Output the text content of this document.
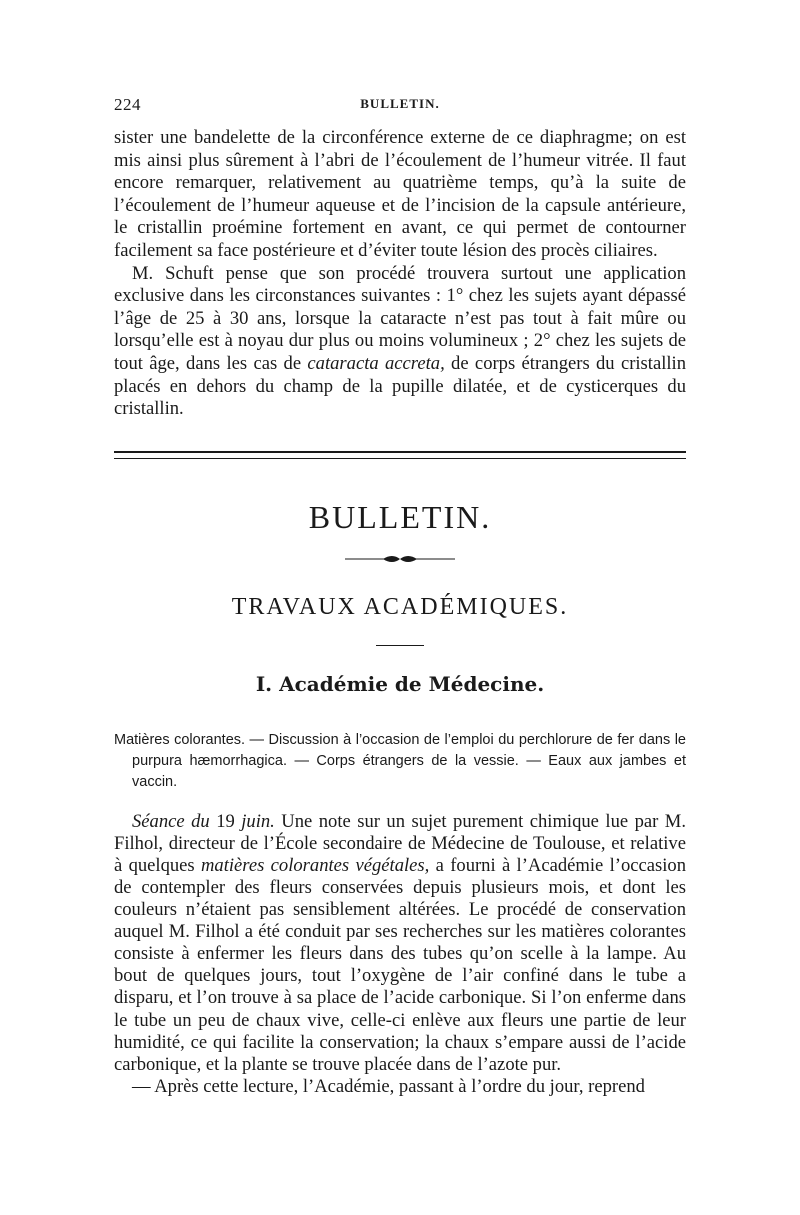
224	BULLETIN.

sister une bandelette de la circonférence externe de ce diaphragme; on est mis ainsi plus sûrement à l’abri de l’écoulement de l’humeur vitrée. Il faut encore remarquer, relativement au quatrième temps, qu’à la suite de l’écoulement de l’humeur aqueuse et de l’incision de la capsule antérieure, le cristallin proémine fortement en avant, ce qui permet de contourner facilement sa face postérieure et d’éviter toute lésion des procès ciliaires.

M. Schuft pense que son procédé trouvera surtout une application exclusive dans les circonstances suivantes : 1° chez les sujets ayant dépassé l’âge de 25 à 30 ans, lorsque la cataracte n’est pas tout à fait mûre ou lorsqu’elle est à noyau dur plus ou moins volumineux ; 2° chez les sujets de tout âge, dans les cas de cataracta accreta, de corps étrangers du cristallin placés en dehors du champ de la pupille dilatée, et de cysticerques du cristallin.

BULLETIN.
TRAVAUX ACADÉMIQUES.
I. Académie de Médecine.
Matières colorantes. — Discussion à l’occasion de l’emploi du perchlorure de fer dans le purpura hæmorrhagica. — Corps étrangers de la vessie. — Eaux aux jambes et vaccin.

Séance du 19 juin. Une note sur un sujet purement chimique lue par M. Filhol, directeur de l’École secondaire de Médecine de Toulouse, et relative à quelques matières colorantes végétales, a fourni à l’Académie l’occasion de contempler des fleurs conservées depuis plusieurs mois, et dont les couleurs n’étaient pas sensiblement altérées. Le procédé de conservation auquel M. Filhol a été conduit par ses recherches sur les matières colorantes consiste à enfermer les fleurs dans des tubes qu’on scelle à la lampe. Au bout de quelques jours, tout l’oxygène de l’air confiné dans le tube a disparu, et l’on trouve à sa place de l’acide carbonique. Si l’on enferme dans le tube un peu de chaux vive, celle-ci enlève aux fleurs une partie de leur humidité, ce qui facilite la conservation; la chaux s’empare aussi de l’acide carbonique, et la plante se trouve placée dans de l’azote pur.

— Après cette lecture, l’Académie, passant à l’ordre du jour, reprend
